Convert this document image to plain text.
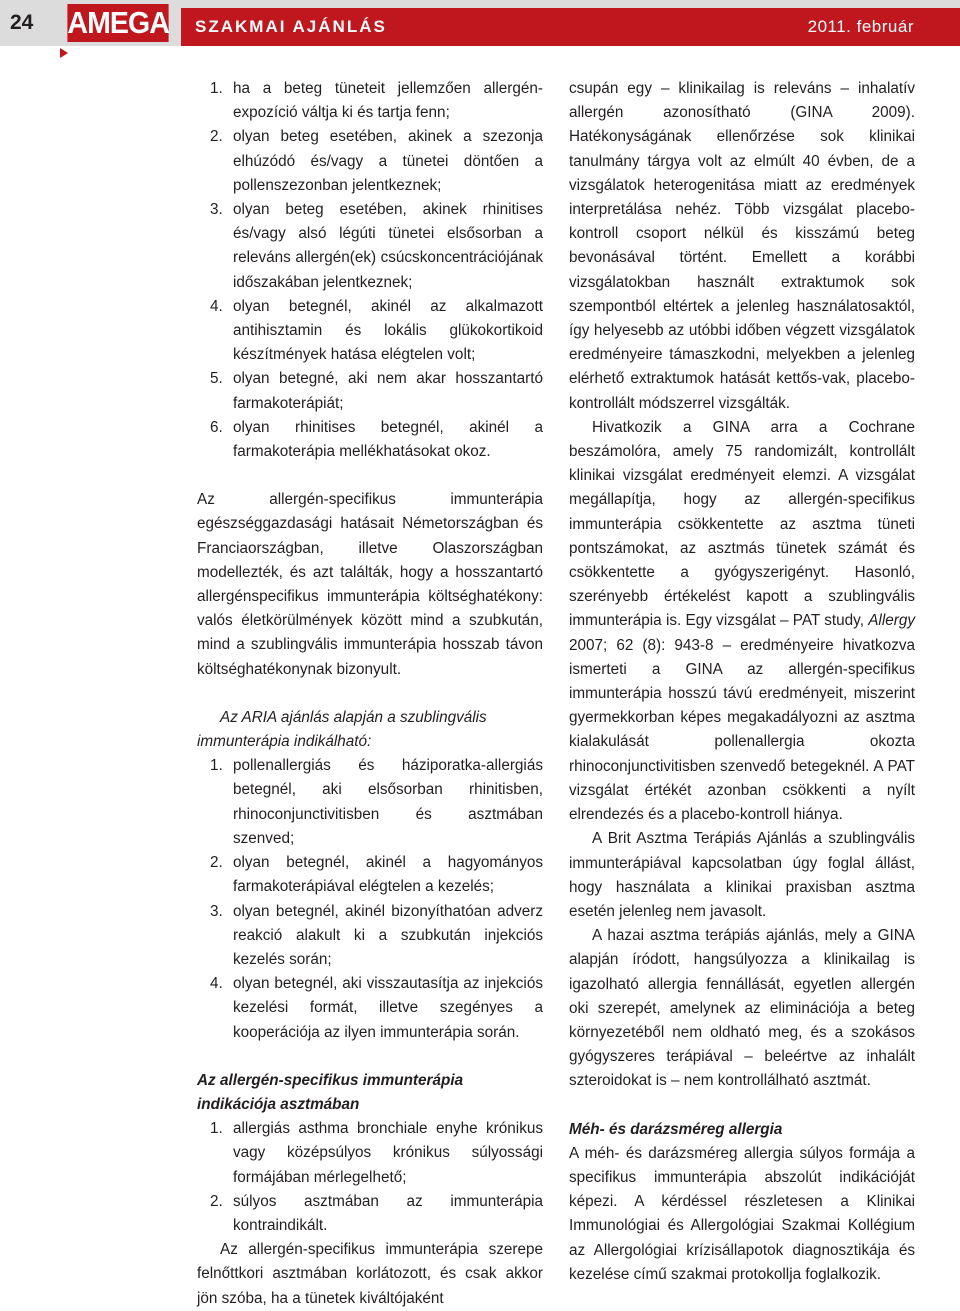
24	AMEGA SZAKMAI AJÁNLÁS	2011. február
1. ha a beteg tüneteit jellemzően allergén-expozíció váltja ki és tartja fenn;
2. olyan beteg esetében, akinek a szezonja elhúzódó és/vagy a tünetei döntően a pollenszezonban jelentkeznek;
3. olyan beteg esetében, akinek rhinitises és/vagy alsó légúti tünetei elsősorban a releváns allergén(ek) csúcskoncentrációjának időszakában jelentkeznek;
4. olyan betegnél, akinél az alkalmazott antihisztamin és lokális glükokortikoid készítmények hatása elégtelen volt;
5. olyan betegné, aki nem akar hosszantartó farmakoterápiát;
6. olyan rhinitises betegnél, akinél a farmakoterápia mellékhatásokat okoz.

Az allergén-specifikus immunterápia egészséggazdasági hatásait Németországban és Franciaországban, illetve Olaszországban modellezték, és azt találták, hogy a hosszantartó allergénspecifikus immunterápia költséghatékony: valós életkörülmények között mind a szubkután, mind a szublingvális immunterápia hosszab távon költséghatékonynak bizonyult.

Az ARIA ajánlás alapján a szublingvális immunterápia indikálható:

1. pollenallergiás és háziporatka-allergiás betegnél, aki elsősorban rhinitisben, rhinoconjunctivitisben és asztmában szenved;
2. olyan betegnél, akinél a hagyományos farmakoterápiával elégtelen a kezelés;
3. olyan betegnél, akinél bizonyíthatóan adverz reakció alakult ki a szubkután injekciós kezelés során;
4. olyan betegnél, aki visszautasítja az injekciós kezelési formát, illetve szegényes a kooperációja az ilyen immunterápia során.

Az allergén-specifikus immunterápia indikációja asztmában

1. allergiás asthma bronchiale enyhe krónikus vagy középsúlyos krónikus súlyossági formájában mérlegelhető;
2. súlyos asztmában az immunterápia kontraindikált.

Az allergén-specifikus immunterápia szerepe felnőttkori asztmában korlátozott, és csak akkor jön szóba, ha a tünetek kiváltójaként

csupán egy – klinikailag is releváns – inhalatív allergén azonosítható (GINA 2009). Hatékonyságának ellenőrzése sok klinikai tanulmány tárgya volt az elmúlt 40 évben, de a vizsgálatok heterogenitása miatt az eredmények interpretálása nehéz. Több vizsgálat placebo-kontroll csoport nélkül és kisszámú beteg bevonásával történt. Emellett a korábbi vizsgálatokban használt extraktumok sok szempontból eltértek a jelenleg használatosaktól, így helyesebb az utóbbi időben végzett vizsgálatok eredményeire támaszkodni, melyekben a jelenleg elérhető extraktumok hatását kettős-vak, placebo-kontrollált módszerrel vizsgálták.

Hivatkozik a GINA arra a Cochrane beszámolóra, amely 75 randomizált, kontrollált klinikai vizsgálat eredményeit elemzi. A vizsgálat megállapítja, hogy az allergén-specifikus immunterápia csökkentette az asztma tüneti pontszámokat, az asztmás tünetek számát és csökkentette a gyógyszerigényt. Hasonló, szerényebb értékelést kapott a szublingvális immunterápia is. Egy vizsgálat – PAT study, Allergy 2007; 62 (8): 943-8 – eredményeire hivatkozva ismerteti a GINA az allergén-specifikus immunterápia hosszú távú eredményeit, miszerint gyermekkorban képes megakadályozni az asztma kialakulását pollenallergia okozta rhinoconjunctivitisben szenvedő betegeknél. A PAT vizsgálat értékét azonban csökkenti a nyílt elrendezés és a placebo-kontroll hiánya.

A Brit Asztma Terápiás Ajánlás a szublingvális immunterápiával kapcsolatban úgy foglal állást, hogy használata a klinikai praxisban asztma esetén jelenleg nem javasolt.

A hazai asztma terápiás ajánlás, mely a GINA alapján íródott, hangsúlyozza a klinikailag is igazolható allergia fennállását, egyetlen allergén oki szerepét, amelynek az eliminációja a beteg környezetéből nem oldható meg, és a szokásos gyógyszeres terápiával – beleértve az inhalált szteroidokat is – nem kontrollálható asztmát.

Méh- és darázsméreg allergia

A méh- és darázsméreg allergia súlyos formája a specifikus immunterápia abszolút indikációját képezi. A kérdéssel részletesen a Klinikai Immunológiai és Allergológiai Szakmai Kollégium az Allergológiai krízisállapotok diagnosztikája és kezelése című szakmai protokollja foglalkozik.
